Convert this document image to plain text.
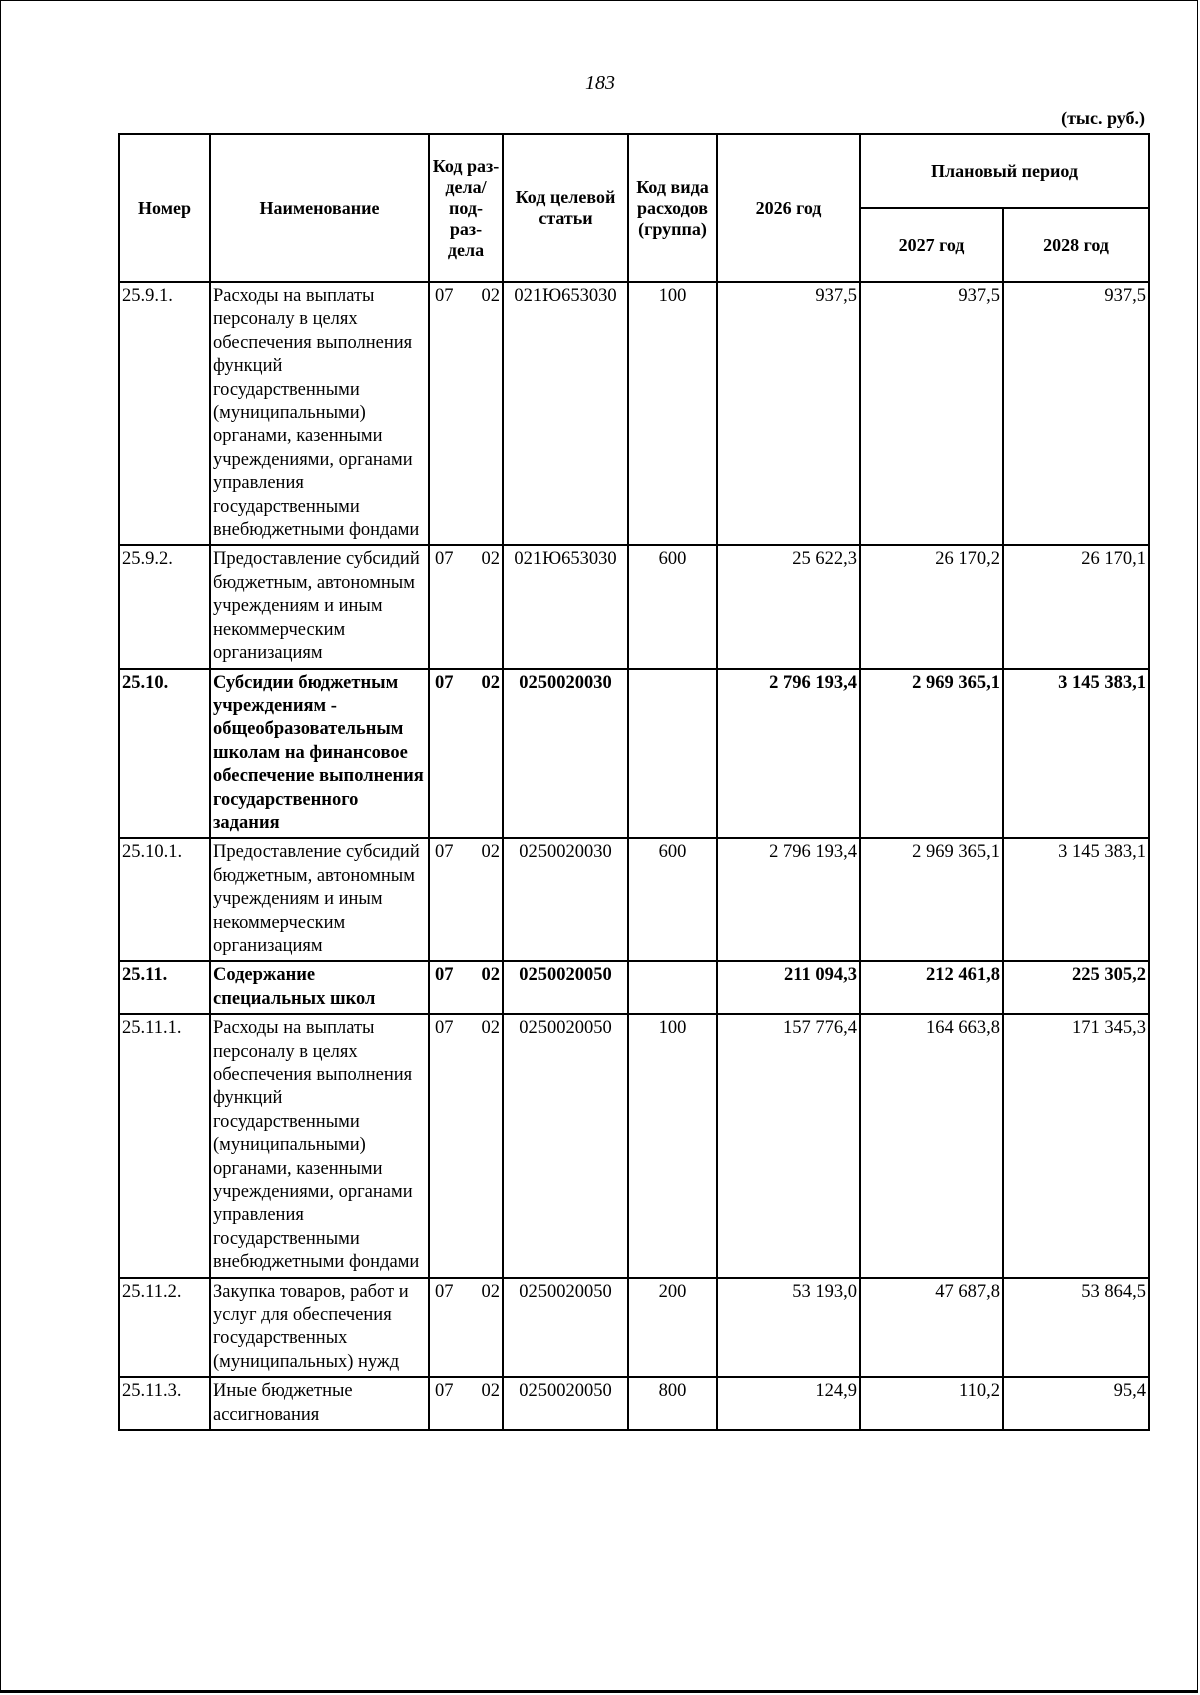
183
(тыс. руб.)
Номер	Наименование	Код раз- дела/ под- раз- дела	Код целевой статьи	Код вида расходов (группа)	2026 год	Плановый период	
						2027 год	2028 год
25.9.1.	Расходы на выплаты персоналу в целях обеспечения выполнения функций государственными (муниципальными) органами, казенными учреждениями, органами управления государственными внебюджетными фондами	07 02	021Ю653030	100	937,5	937,5	937,5
25.9.2.	Предоставление субсидий бюджетным, автономным учреждениям и иным некоммерческим организациям	07 02	021Ю653030	600	25 622,3	26 170,2	26 170,1
25.10.	Субсидии бюджетным учреждениям - общеобразовательным школам на финансовое обеспечение выполнения государственного задания	07 02	0250020030		2 796 193,4	2 969 365,1	3 145 383,1
25.10.1.	Предоставление субсидий бюджетным, автономным учреждениям и иным некоммерческим организациям	07 02	0250020030	600	2 796 193,4	2 969 365,1	3 145 383,1
25.11.	Содержание специальных школ	07 02	0250020050		211 094,3	212 461,8	225 305,2
25.11.1.	Расходы на выплаты персоналу в целях обеспечения выполнения функций государственными (муниципальными) органами, казенными учреждениями, органами управления государственными внебюджетными фондами	07 02	0250020050	100	157 776,4	164 663,8	171 345,3
25.11.2.	Закупка товаров, работ и услуг для обеспечения государственных (муниципальных) нужд	07 02	0250020050	200	53 193,0	47 687,8	53 864,5
25.11.3.	Иные бюджетные ассигнования	07 02	0250020050	800	124,9	110,2	95,4
